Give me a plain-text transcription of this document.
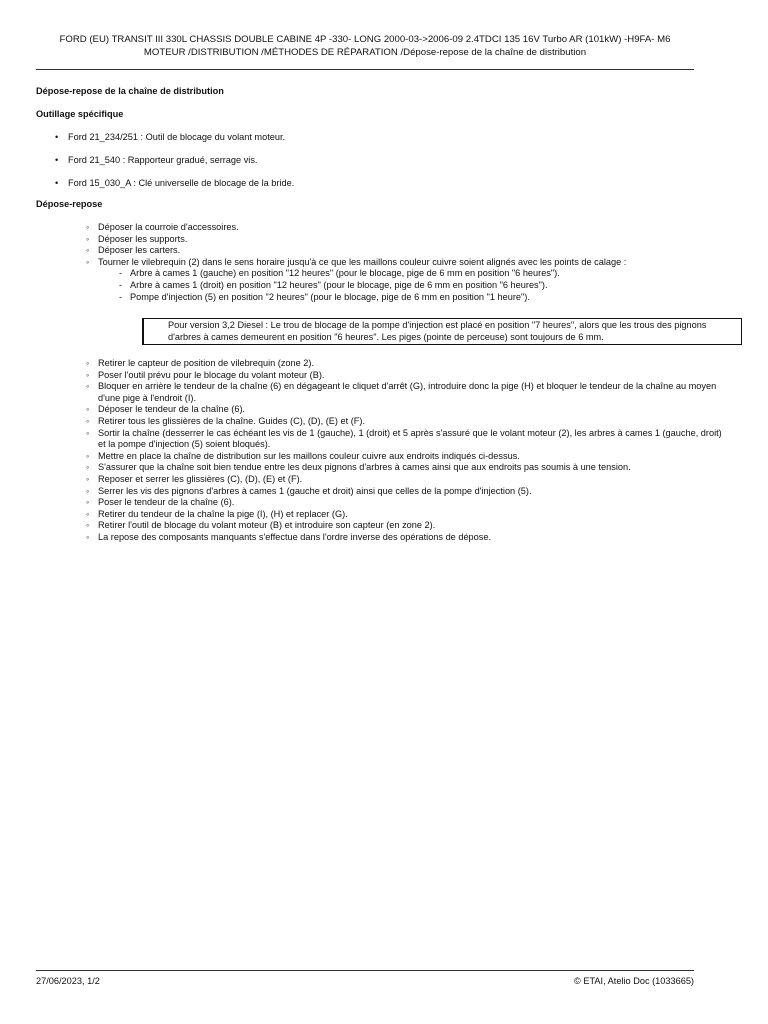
FORD (EU) TRANSIT III 330L CHASSIS DOUBLE CABINE 4P -330- LONG 2000-03->2006-09 2.4TDCI 135 16V Turbo AR (101kW) -H9FA- M6
MOTEUR /DISTRIBUTION /MÉTHODES DE RÉPARATION /Dépose-repose de la chaîne de distribution
Dépose-repose de la chaîne de distribution
Outillage spécifique
• Ford 21_234/251 : Outil de blocage du volant moteur.
• Ford 21_540 : Rapporteur gradué, serrage vis.
• Ford 15_030_A : Clé universelle de blocage de la bride.
Dépose-repose
◦ Déposer la courroie d'accessoires.
◦ Déposer les supports.
◦ Déposer les carters.
◦ Tourner le vilebrequin (2) dans le sens horaire jusqu'à ce que les maillons couleur cuivre soient alignés avec les points de calage :
- Arbre à cames 1 (gauche) en position "12 heures" (pour le blocage, pige de 6 mm en position "6 heures").
- Arbre à cames 1 (droit) en position "12 heures" (pour le blocage, pige de 6 mm en position "6 heures").
- Pompe d'injection (5) en position "2 heures" (pour le blocage, pige de 6 mm en position "1 heure").
Pour version 3,2 Diesel : Le trou de blocage de la pompe d'injection est placé en position "7 heures", alors que les trous des pignons d'arbres à cames demeurent en position "6 heures". Les piges (pointe de perceuse) sont toujours de 6 mm.
◦ Retirer le capteur de position de vilebrequin (zone 2).
◦ Poser l'outil prévu pour le blocage du volant moteur (B).
◦ Bloquer en arrière le tendeur de la chaîne (6) en dégageant le cliquet d'arrêt (G), introduire donc la pige (H) et bloquer le tendeur de la chaîne au moyen d'une pige à l'endroit (I).
◦ Déposer le tendeur de la chaîne (6).
◦ Retirer tous les glissières de la chaîne. Guides (C), (D), (E) et (F).
◦ Sortir la chaîne (desserrer le cas échéant les vis de 1 (gauche), 1 (droit) et 5 après s'assuré que le volant moteur (2), les arbres à cames 1 (gauche, droit) et la pompe d'injection (5) soient bloqués).
◦ Mettre en place la chaîne de distribution sur les maillons couleur cuivre aux endroits indiqués ci-dessus.
◦ S'assurer que la chaîne soit bien tendue entre les deux pignons d'arbres à cames ainsi que aux endroits pas soumis à une tension.
◦ Reposer et serrer les glissières (C), (D), (E) et (F).
◦ Serrer les vis des pignons d'arbres à cames 1 (gauche et droit) ainsi que celles de la pompe d'injection (5).
◦ Poser le tendeur de la chaîne (6).
◦ Retirer du tendeur de la chaîne la pige (I), (H) et replacer (G).
◦ Retirer l'outil de blocage du volant moteur (B) et introduire son capteur (en zone 2).
◦ La repose des composants manquants s'effectue dans l'ordre inverse des opérations de dépose.
27/06/2023, 1/2	© ETAI, Atelio Doc (1033665)
